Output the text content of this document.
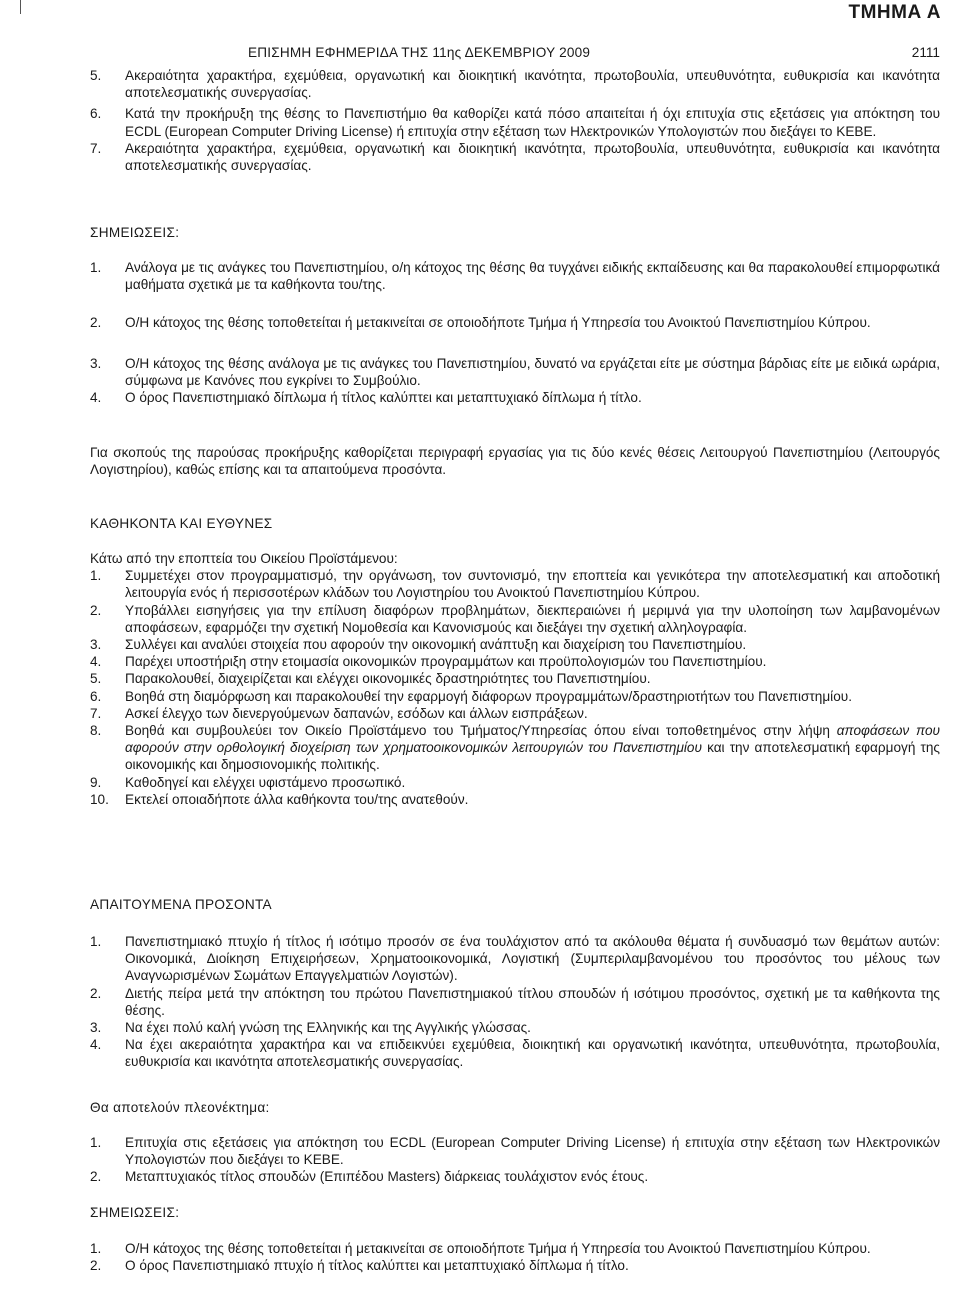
ΤΜΗΜΑ Α
ΕΠΙΣΗΜΗ ΕΦΗΜΕΡΙΔΑ ΤΗΣ 11ης ΔΕΚΕΜΒΡΙΟΥ 2009	2111
5.	Ακεραιότητα χαρακτήρα, εχεμύθεια, οργανωτική και διοικητική ικανότητα, πρωτοβουλία, υπευθυνότητα, ευθυκρισία και ικανότητα αποτελεσματικής συνεργασίας.
6.	Κατά την προκήρυξη της θέσης το Πανεπιστήμιο θα καθορίζει κατά πόσο απαιτείται ή όχι επιτυχία στις εξετάσεις για απόκτηση του ECDL (European Computer Driving License) ή επιτυχία στην εξέταση των Ηλεκτρονικών Υπολογιστών που διεξάγει το ΚΕΒΕ.
7.	Ακεραιότητα χαρακτήρα, εχεμύθεια, οργανωτική και διοικητική ικανότητα, πρωτοβουλία, υπευθυνότητα, ευθυκρισία και ικανότητα αποτελεσματικής συνεργασίας.
ΣΗΜΕΙΩΣΕΙΣ:
1.	Ανάλογα με τις ανάγκες του Πανεπιστημίου, ο/η κάτοχος της θέσης θα τυγχάνει ειδικής εκπαίδευσης και θα παρακολουθεί επιμορφωτικά μαθήματα σχετικά με τα καθήκοντα του/της.
2.	Ο/Η κάτοχος της θέσης τοποθετείται ή μετακινείται σε οποιοδήποτε Τμήμα ή Υπηρεσία του Ανοικτού Πανεπιστημίου Κύπρου.
3.	Ο/Η κάτοχος της θέσης ανάλογα με τις ανάγκες του Πανεπιστημίου, δυνατό να εργάζεται είτε με σύστημα βάρδιας είτε με ειδικά ωράρια, σύμφωνα με Κανόνες που εγκρίνει το Συμβούλιο.
4.	Ο όρος Πανεπιστημιακό δίπλωμα ή τίτλος καλύπτει και μεταπτυχιακό δίπλωμα ή τίτλο.
Για σκοπούς της παρούσας προκήρυξης καθορίζεται περιγραφή εργασίας για τις δύο κενές θέσεις Λειτουργού Πανεπιστημίου (Λειτουργός Λογιστηρίου), καθώς επίσης και τα απαιτούμενα προσόντα.
ΚΑΘΗΚΟΝΤΑ ΚΑΙ ΕΥΘΥΝΕΣ
Κάτω από την εποπτεία του Οικείου Προϊστάμενου:
1.	Συμμετέχει στον προγραμματισμό, την οργάνωση, τον συντονισμό, την εποπτεία και γενικότερα την αποτελεσματική και αποδοτική λειτουργία ενός ή περισσοτέρων κλάδων του Λογιστηρίου του Ανοικτού Πανεπιστημίου Κύπρου.
2.	Υποβάλλει εισηγήσεις για την επίλυση διαφόρων προβλημάτων, διεκπεραιώνει ή μεριμνά για την υλοποίηση των λαμβανομένων αποφάσεων, εφαρμόζει την σχετική Νομοθεσία και Κανονισμούς και διεξάγει την σχετική αλληλογραφία.
3.	Συλλέγει και αναλύει στοιχεία που αφορούν την οικονομική ανάπτυξη και διαχείριση του Πανεπιστημίου.
4.	Παρέχει υποστήριξη στην ετοιμασία οικονομικών προγραμμάτων και προϋπολογισμών του Πανεπιστημίου.
5.	Παρακολουθεί, διαχειρίζεται και ελέγχει οικονομικές δραστηριότητες του Πανεπιστημίου.
6.	Βοηθά στη διαμόρφωση και παρακολουθεί την εφαρμογή διάφορων προγραμμάτων/δραστηριοτήτων του Πανεπιστημίου.
7.	Ασκεί έλεγχο των διενεργούμενων δαπανών, εσόδων και άλλων εισπράξεων.
8.	Βοηθά και συμβουλεύει τον Οικείο Προϊστάμενο του Τμήματος/Υπηρεσίας όπου είναι τοποθετημένος στην λήψη αποφάσεων που αφορούν στην ορθολογική διοχείριση των χρηματοοικονομικών λειτουργιών του Πανεπιστημίου και την αποτελεσματική εφαρμογή της οικονομικής και δημοσιονομικής πολιτικής.
9.	Καθοδηγεί και ελέγχει υφιστάμενο προσωπικό.
10.	Εκτελεί οποιαδήποτε άλλα καθήκοντα του/της ανατεθούν.
ΑΠΑΙΤΟΥΜΕΝΑ ΠΡΟΣΟΝΤΑ
1.	Πανεπιστημιακό πτυχίο ή τίτλος ή ισότιμο προσόν σε ένα τουλάχιστον από τα ακόλουθα θέματα ή συνδυασμό των θεμάτων αυτών: Οικονομικά, Διοίκηση Επιχειρήσεων, Χρηματοοικονομικά, Λογιστική (Συμπεριλαμβανομένου του προσόντος του μέλους των Αναγνωρισμένων Σωμάτων Επαγγελματιών Λογιστών).
2.	Διετής πείρα μετά την απόκτηση του πρώτου Πανεπιστημιακού τίτλου σπουδών ή ισότιμου προσόντος, σχετική με τα καθήκοντα της θέσης.
3.	Να έχει πολύ καλή γνώση της Ελληνικής και της Αγγλικής γλώσσας.
4.	Να έχει ακεραιότητα χαρακτήρα και να επιδεικνύει εχεμύθεια, διοικητική και οργανωτική ικανότητα, υπευθυνότητα, πρωτοβουλία, ευθυκρισία και ικανότητα αποτελεσματικής συνεργασίας.
Θα αποτελούν πλεονέκτημα:
1.	Επιτυχία στις εξετάσεις για απόκτηση του ECDL (European Computer Driving License) ή επιτυχία στην εξέταση των Ηλεκτρονικών Υπολογιστών που διεξάγει το ΚΕΒΕ.
2.	Μεταπτυχιακός τίτλος σπουδών (Επιπέδου Masters) διάρκειας τουλάχιστον ενός έτους.
ΣΗΜΕΙΩΣΕΙΣ:
1.	Ο/Η κάτοχος της θέσης τοποθετείται ή μετακινείται σε οποιοδήποτε Τμήμα ή Υπηρεσία του Ανοικτού Πανεπιστημίου Κύπρου.
2.	Ο όρος Πανεπιστημιακό πτυχίο ή τίτλος καλύπτει και μεταπτυχιακό δίπλωμα ή τίτλο.
